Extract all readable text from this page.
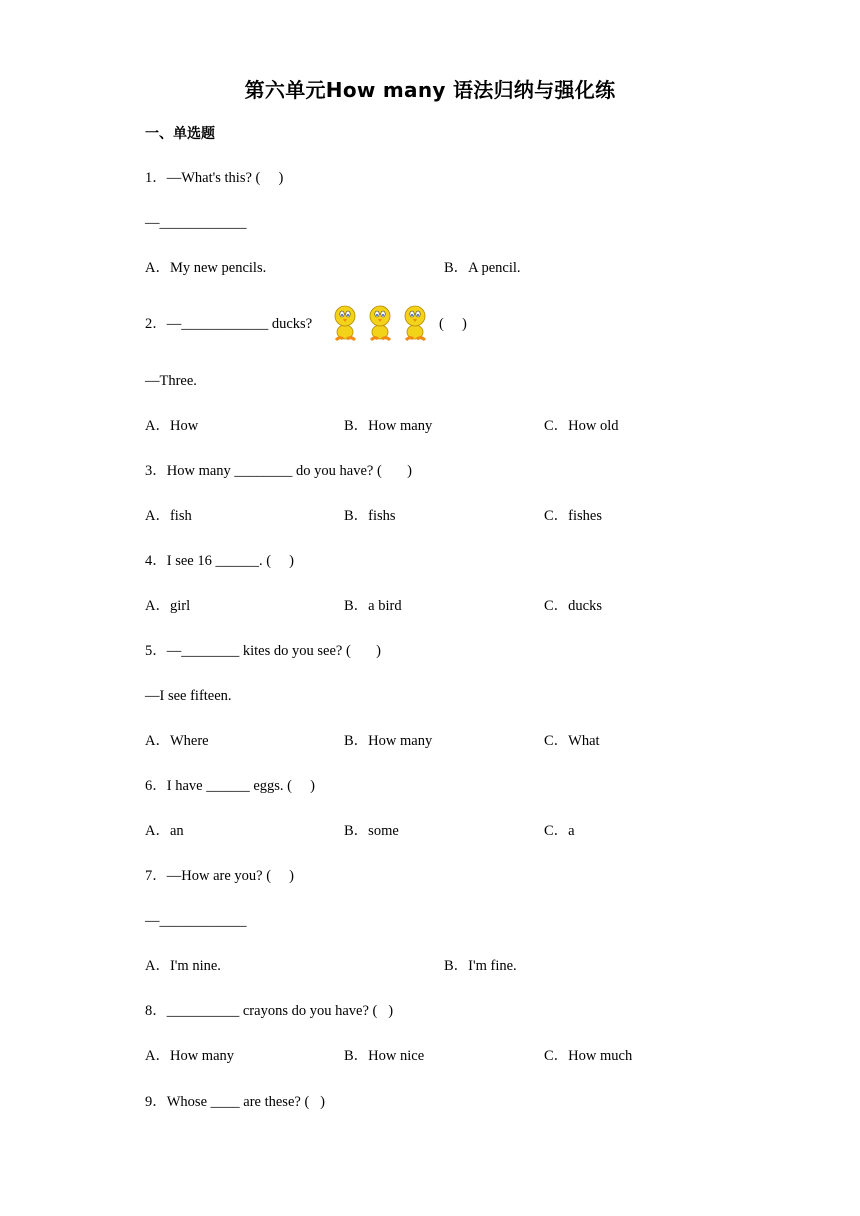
第六单元How many 语法归纳与强化练
一、单选题
1．—What's this? (     )
—____________
A．My new pencils.	B．A pencil.
2．—____________ ducks?	(     )
—Three.
A．How	B．How many	C．How old
3．How many ________ do you have? (       )
A．fish	B．fishs	C．fishes
4．I see 16 ______. (     )
A．girl	B．a bird	C．ducks
5．—________ kites do you see? (       )
—I see fifteen.
A．Where	B．How many	C．What
6．I have ______ eggs. (     )
A．an	B．some	C．a
7．—How are you? (     )
—____________
A．I'm nine.	B．I'm fine.
8．__________ crayons do you have? (   )
A．How many	B．How nice	C．How much
9．Whose ____ are these? (   )
